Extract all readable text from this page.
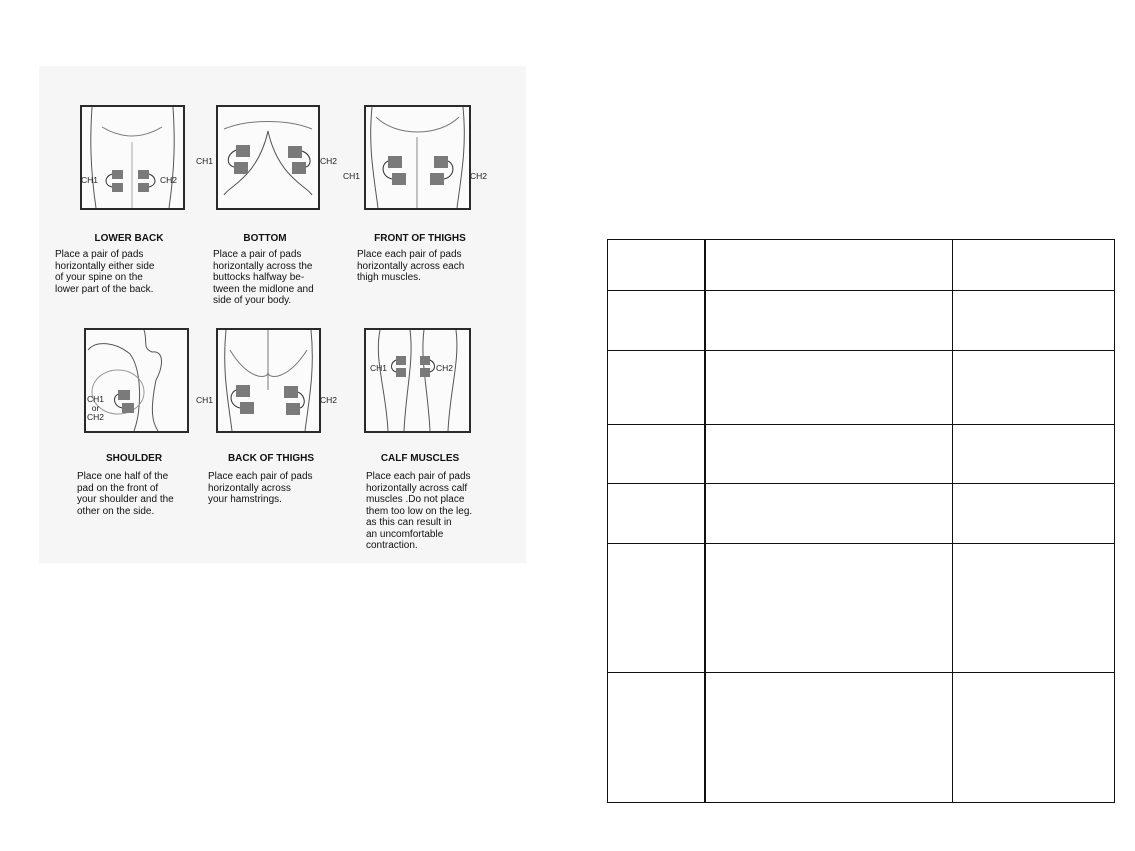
CH1	CH2
LOWER BACK
Place a pair of pads
horizontally either side
of your spine on the
lower part of the back.
CH1	CH2
BOTTOM
Place a pair of pads
horizontally across the
buttocks halfway be-
tween the midlone and
side of your body.
CH1	CH2
FRONT OF THIGHS
Place each pair of pads
horizontally across each
thigh muscles.
CH1
or
CH2
SHOULDER
Place one half of the
pad on the front of
your shoulder and the
other on the side.
CH1	CH2
BACK OF THIGHS
Place each pair of pads
horizontally across
your hamstrings.
CH1	CH2
CALF MUSCLES
Place each pair of pads
horizontally across calf
muscles .Do not place
them too low on the leg.
as this can result in
an uncomfortable
contraction.
